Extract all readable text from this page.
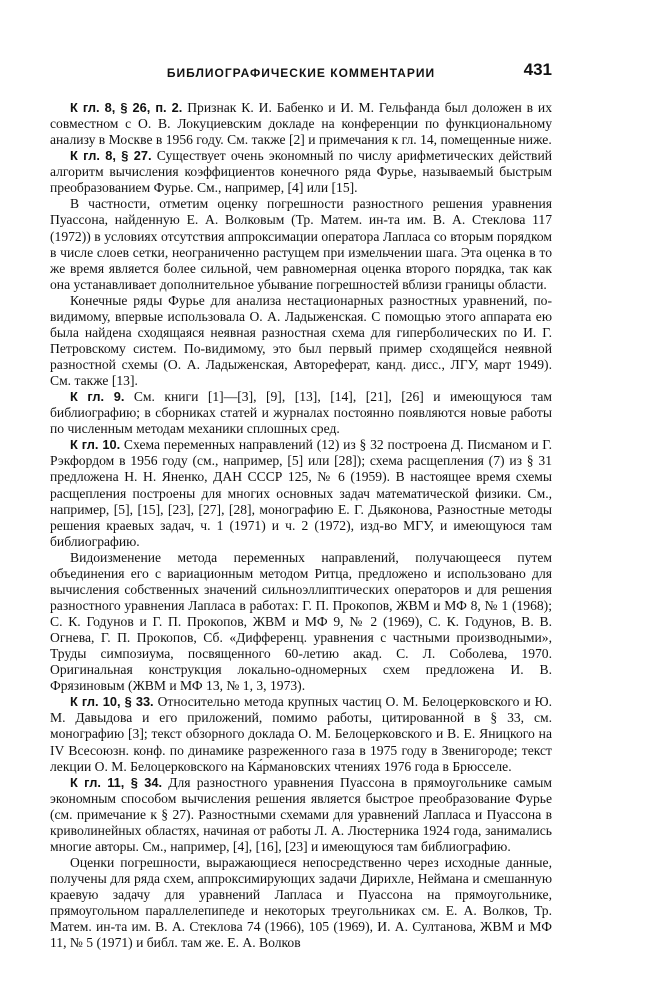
БИБЛИОГРАФИЧЕСКИЕ КОММЕНТАРИИ	431

К гл. 8, § 26, п. 2. Признак К. И. Бабенко и И. М. Гельфанда был доложен в их совместном с О. В. Локуциевским докладе на конференции по функциональному анализу в Москве в 1956 году. См. также [2] и примечания к гл. 14, помещенные ниже.

К гл. 8, § 27. Существует очень экономный по числу арифметических действий алгоритм вычисления коэффициентов конечного ряда Фурье, называемый быстрым преобразованием Фурье. См., например, [4] или [15].

В частности, отметим оценку погрешности разностного решения уравнения Пуассона, найденную Е. А. Волковым (Тр. Матем. ин-та им. В. А. Стеклова 117 (1972)) в условиях отсутствия аппроксимации оператора Лапласа со вторым порядком в числе слоев сетки, неограниченно растущем при измельчении шага. Эта оценка в то же время является более сильной, чем равномерная оценка второго порядка, так как она устанавливает дополнительное убывание погрешностей вблизи границы области.

Конечные ряды Фурье для анализа нестационарных разностных уравнений, по-видимому, впервые использовала О. А. Ладыженская. С помощью этого аппарата ею была найдена сходящаяся неявная разностная схема для гиперболических по И. Г. Петровскому систем. По-видимому, это был первый пример сходящейся неявной разностной схемы (О. А. Ладыженская, Автореферат, канд. дисс., ЛГУ, март 1949). См. также [13].

К гл. 9. См. книги [1]—[3], [9], [13], [14], [21], [26] и имеющуюся там библиографию; в сборниках статей и журналах постоянно появляются новые работы по численным методам механики сплошных сред.

К гл. 10. Схема переменных направлений (12) из § 32 построена Д. Писманом и Г. Рэкфордом в 1956 году (см., например, [5] или [28]); схема расщепления (7) из § 31 предложена Н. Н. Яненко, ДАН СССР 125, № 6 (1959). В настоящее время схемы расщепления построены для многих основных задач математической физики. См., например, [5], [15], [23], [27], [28], монографию Е. Г. Дьяконова, Разностные методы решения краевых задач, ч. 1 (1971) и ч. 2 (1972), изд-во МГУ, и имеющуюся там библиографию.

Видоизменение метода переменных направлений, получающееся путем объединения его с вариационным методом Ритца, предложено и использовано для вычисления собственных значений сильноэллиптических операторов и для решения разностного уравнения Лапласа в работах: Г. П. Прокопов, ЖВМ и МФ 8, № 1 (1968); С. К. Годунов и Г. П. Прокопов, ЖВМ и МФ 9, № 2 (1969), С. К. Годунов, В. В. Огнева, Г. П. Прокопов, Сб. «Дифференц. уравнения с частными производными», Труды симпозиума, посвященного 60-летию акад. С. Л. Соболева, 1970. Оригинальная конструкция локально-одномерных схем предложена И. В. Фрязиновым (ЖВМ и МФ 13, № 1, 3, 1973).

К гл. 10, § 33. Относительно метода крупных частиц О. М. Белоцерковского и Ю. М. Давыдова и его приложений, помимо работы, цитированной в § 33, см. монографию [3]; текст обзорного доклада О. М. Белоцерковского и В. Е. Яницкого на IV Всесоюзн. конф. по динамике разреженного газа в 1975 году в Звенигороде; текст лекции О. М. Белоцерковского на Ка́рмановских чтениях 1976 года в Брюсселе.

К гл. 11, § 34. Для разностного уравнения Пуассона в прямоугольнике самым экономным способом вычисления решения является быстрое преобразование Фурье (см. примечание к § 27). Разностными схемами для уравнений Лапласа и Пуассона в криволинейных областях, начиная от работы Л. А. Люстерника 1924 года, занимались многие авторы. См., например, [4], [16], [23] и имеющуюся там библиографию.

Оценки погрешности, выражающиеся непосредственно через исходные данные, получены для ряда схем, аппроксимирующих задачи Дирихле, Неймана и смешанную краевую задачу для уравнений Лапласа и Пуассона на прямоугольнике, прямоугольном параллелепипеде и некоторых треугольниках см. Е. А. Волков, Тр. Матем. ин-та им. В. А. Стеклова 74 (1966), 105 (1969), И. А. Султанова, ЖВМ и МФ 11, № 5 (1971) и библ. там же. Е. А. Волков
